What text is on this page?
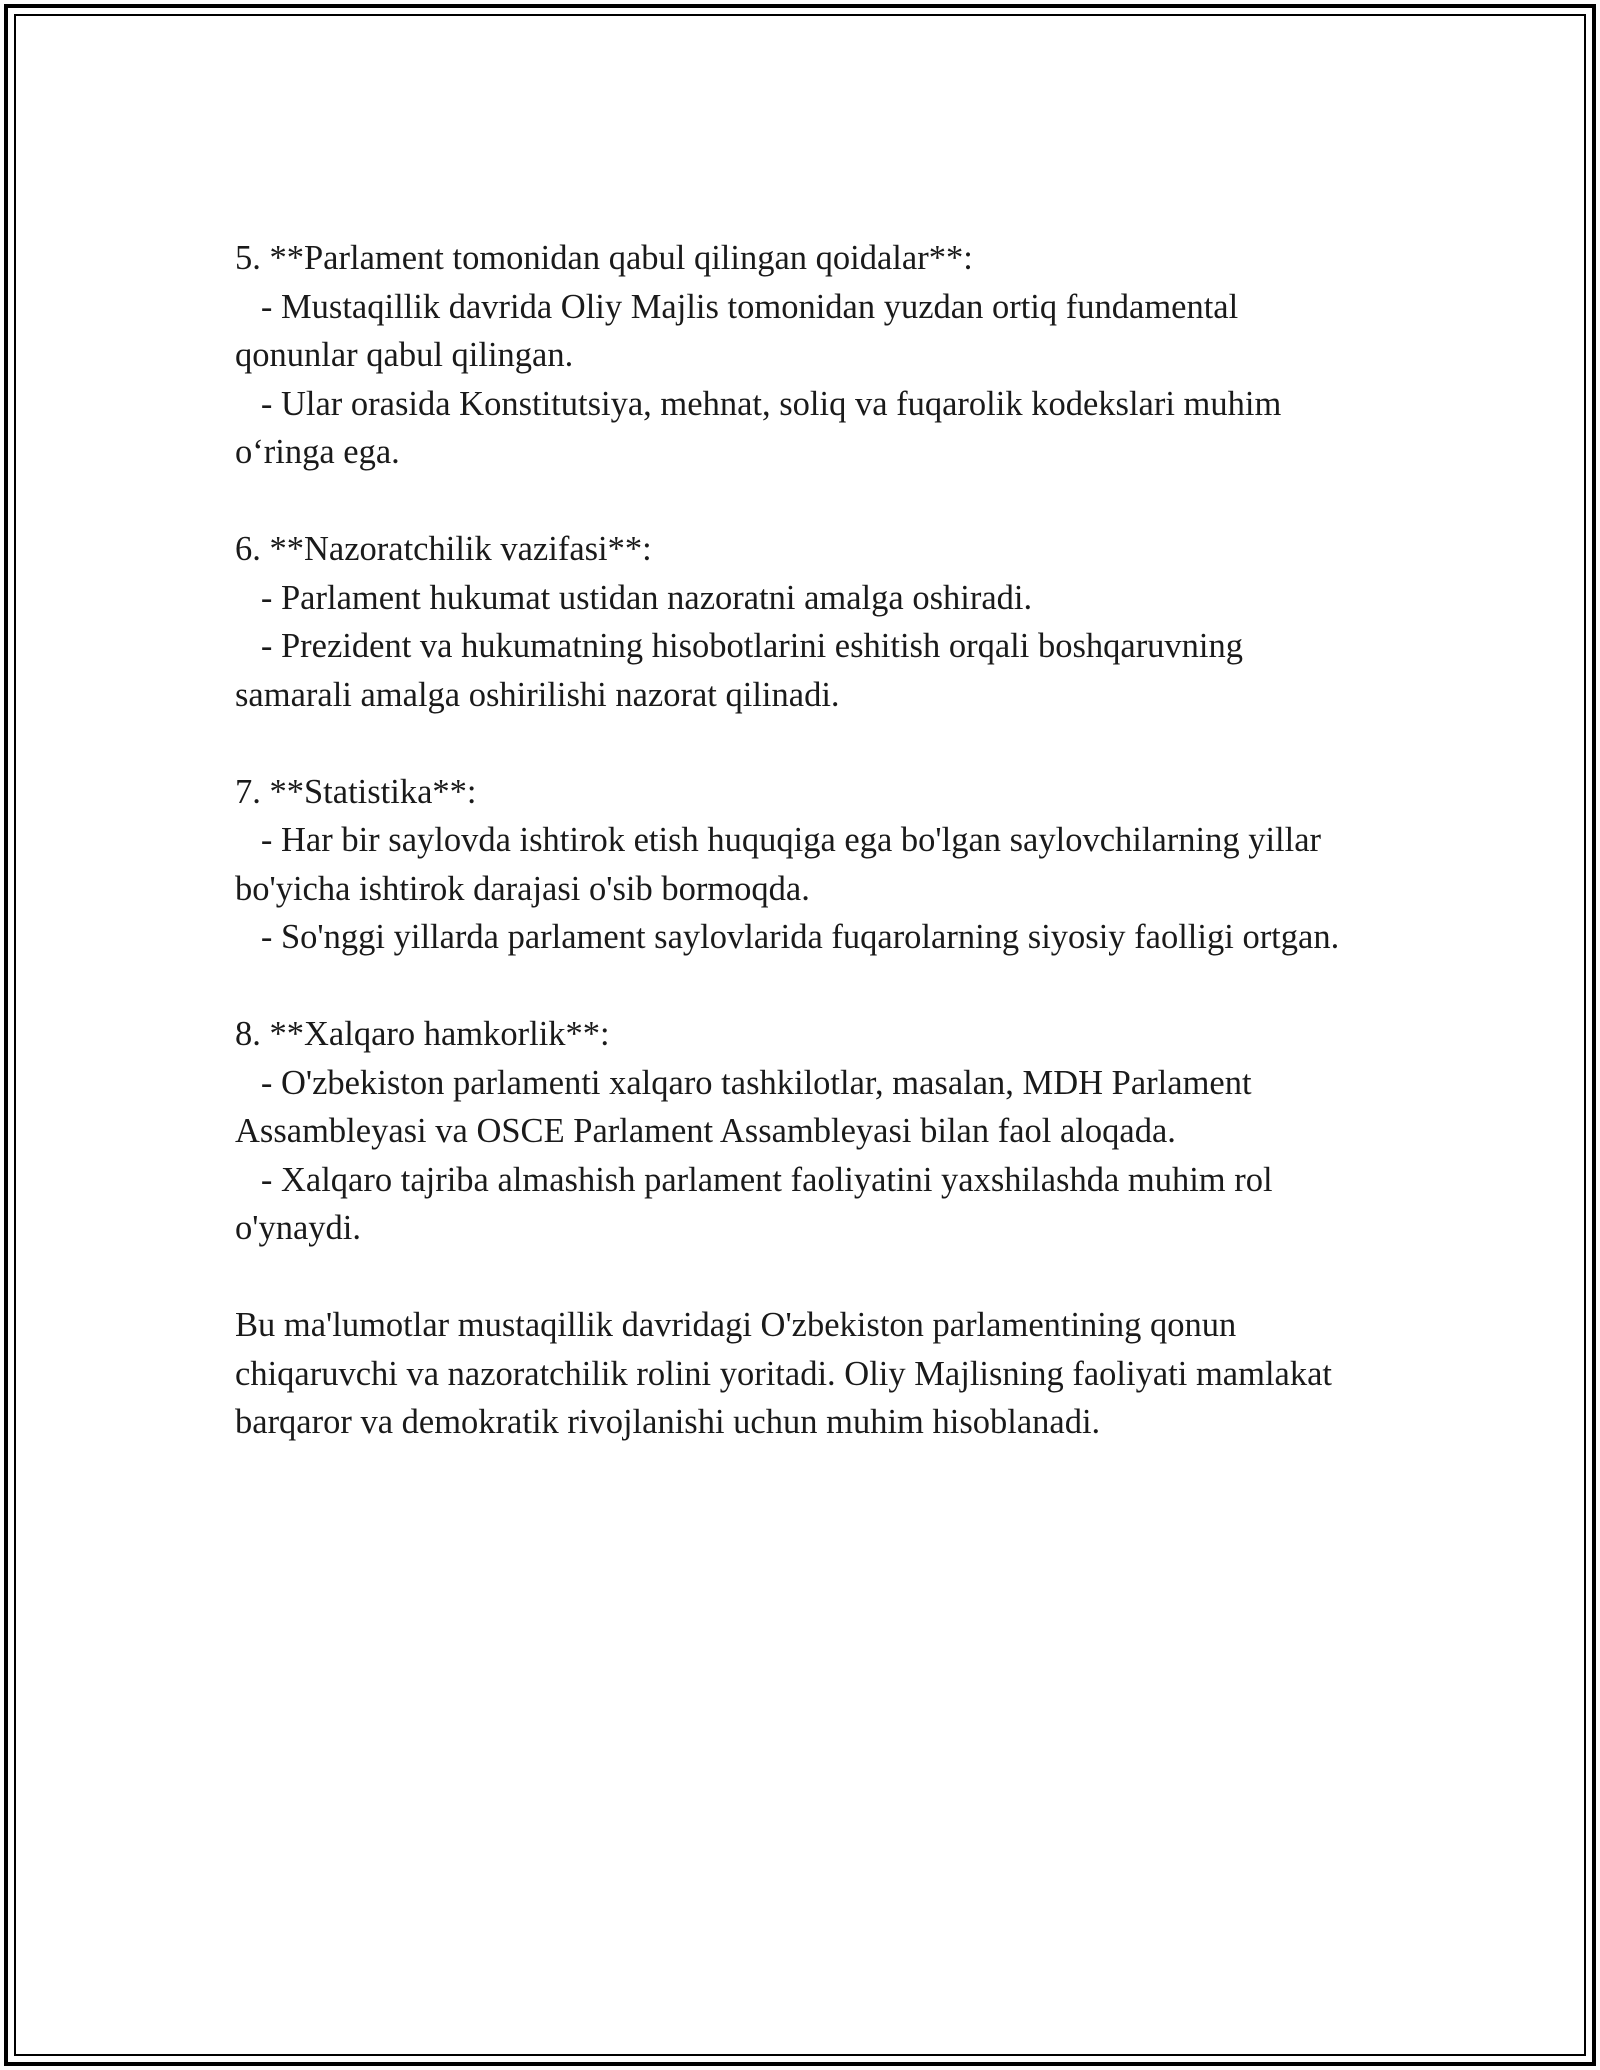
5. **Parlament tomonidan qabul qilingan qoidalar**:
- Mustaqillik davrida Oliy Majlis tomonidan yuzdan ortiq fundamental qonunlar qabul qilingan.
- Ular orasida Konstitutsiya, mehnat, soliq va fuqarolik kodekslari muhim o‘ringa ega.
6. **Nazoratchilik vazifasi**:
- Parlament hukumat ustidan nazoratni amalga oshiradi.
- Prezident va hukumatning hisobotlarini eshitish orqali boshqaruvning samarali amalga oshirilishi nazorat qilinadi.
7. **Statistika**:
- Har bir saylovda ishtirok etish huquqiga ega bo'lgan saylovchilarning yillar bo'yicha ishtirok darajasi o'sib bormoqda.
- So'nggi yillarda parlament saylovlarida fuqarolarning siyosiy faolligi ortgan.
8. **Xalqaro hamkorlik**:
- O'zbekiston parlamenti xalqaro tashkilotlar, masalan, MDH Parlament Assambleyasi va OSCE Parlament Assambleyasi bilan faol aloqada.
- Xalqaro tajriba almashish parlament faoliyatini yaxshilashda muhim rol o'ynaydi.

Bu ma'lumotlar mustaqillik davridagi O'zbekiston parlamentining qonun chiqaruvchi va nazoratchilik rolini yoritadi. Oliy Majlisning faoliyati mamlakat barqaror va demokratik rivojlanishi uchun muhim hisoblanadi.
